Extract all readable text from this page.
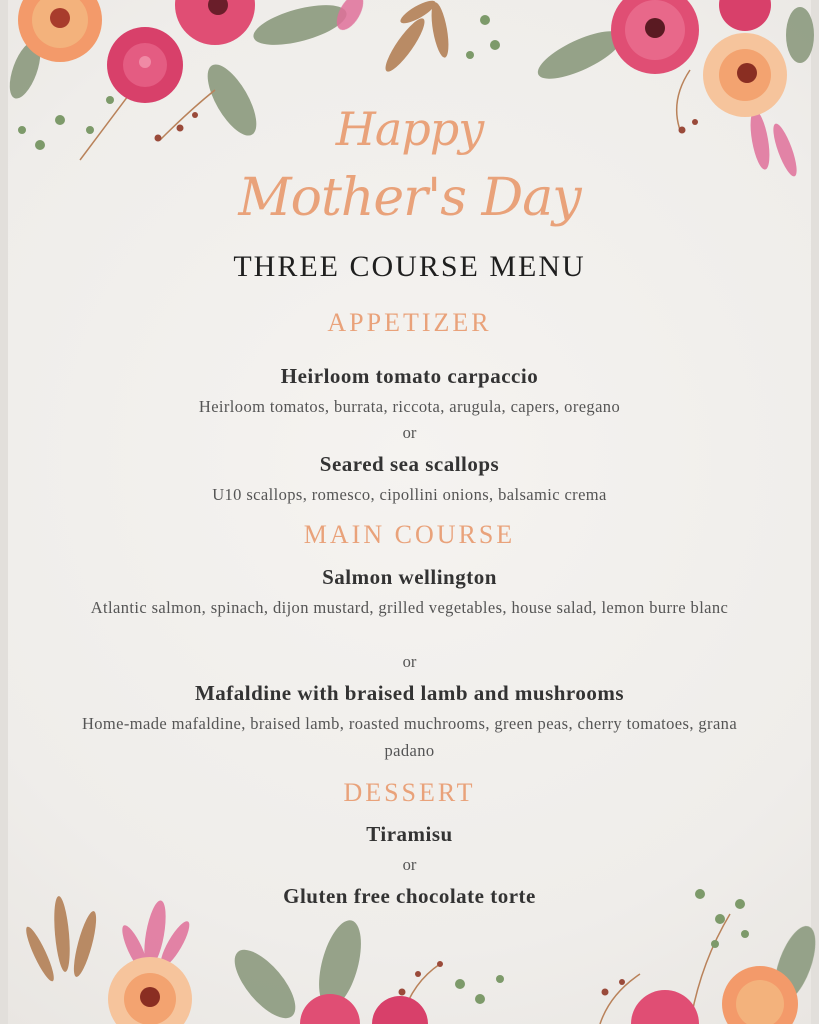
Happy
Mother's Day
THREE COURSE MENU
APPETIZER
Heirloom tomato carpaccio
Heirloom tomatos, burrata, riccota, arugula, capers, oregano
or
Seared sea scallops
U10 scallops, romesco, cipollini onions, balsamic crema
MAIN COURSE
Salmon wellington
Atlantic salmon, spinach, dijon mustard, grilled vegetables, house salad, lemon burre blanc
or
Mafaldine with braised lamb and mushrooms
Home-made mafaldine, braised lamb, roasted muchrooms, green peas, cherry tomatoes, grana padano
DESSERT
Tiramisu
or
Gluten free chocolate torte
